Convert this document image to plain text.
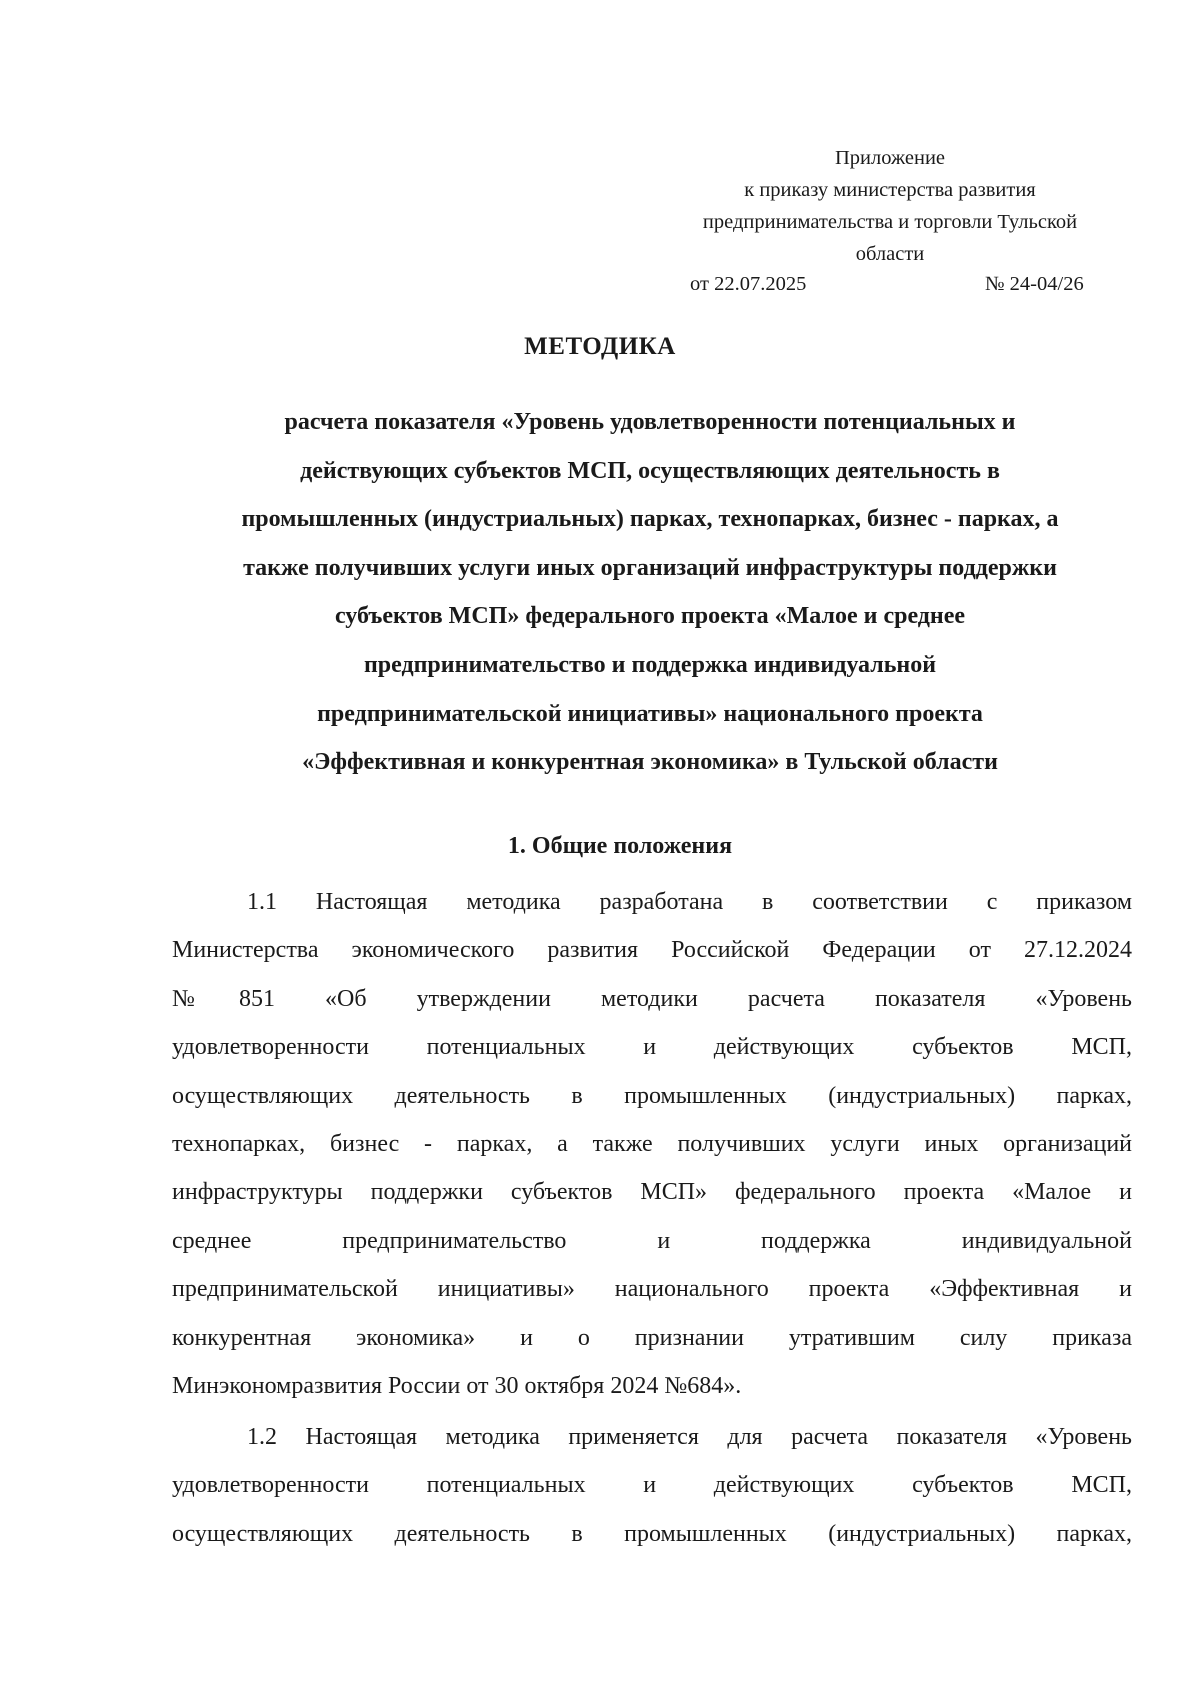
Приложение
к приказу министерства развития
предпринимательства и торговли Тульской
области
от 22.07.2025	№ 24-04/26
МЕТОДИКА
расчета показателя «Уровень удовлетворенности потенциальных и
действующих субъектов МСП, осуществляющих деятельность в
промышленных (индустриальных) парках, технопарках, бизнес - парках, а
также получивших услуги иных организаций инфраструктуры поддержки
субъектов МСП» федерального проекта «Малое и среднее
предпринимательство и поддержка индивидуальной
предпринимательской инициативы» национального проекта
«Эффективная и конкурентная экономика» в Тульской области
1. Общие положения
1.1 Настоящая методика разработана в соответствии с приказом
Министерства экономического развития Российской Федерации от 27.12.2024
№851 «Об утверждении методики расчета показателя «Уровень
удовлетворенности потенциальных и действующих субъектов МСП,
осуществляющих деятельность в промышленных (индустриальных) парках,
технопарках, бизнес - парках, а также получивших услуги иных организаций
инфраструктуры поддержки субъектов МСП» федерального проекта «Малое и
среднее предпринимательство и поддержка индивидуальной
предпринимательской инициативы» национального проекта «Эффективная и
конкурентная экономика» и о признании утратившим силу приказа
Минэкономразвития России от 30 октября 2024 №684».
1.2 Настоящая методика применяется для расчета показателя «Уровень
удовлетворенности потенциальных и действующих субъектов МСП,
осуществляющих деятельность в промышленных (индустриальных) парках,
